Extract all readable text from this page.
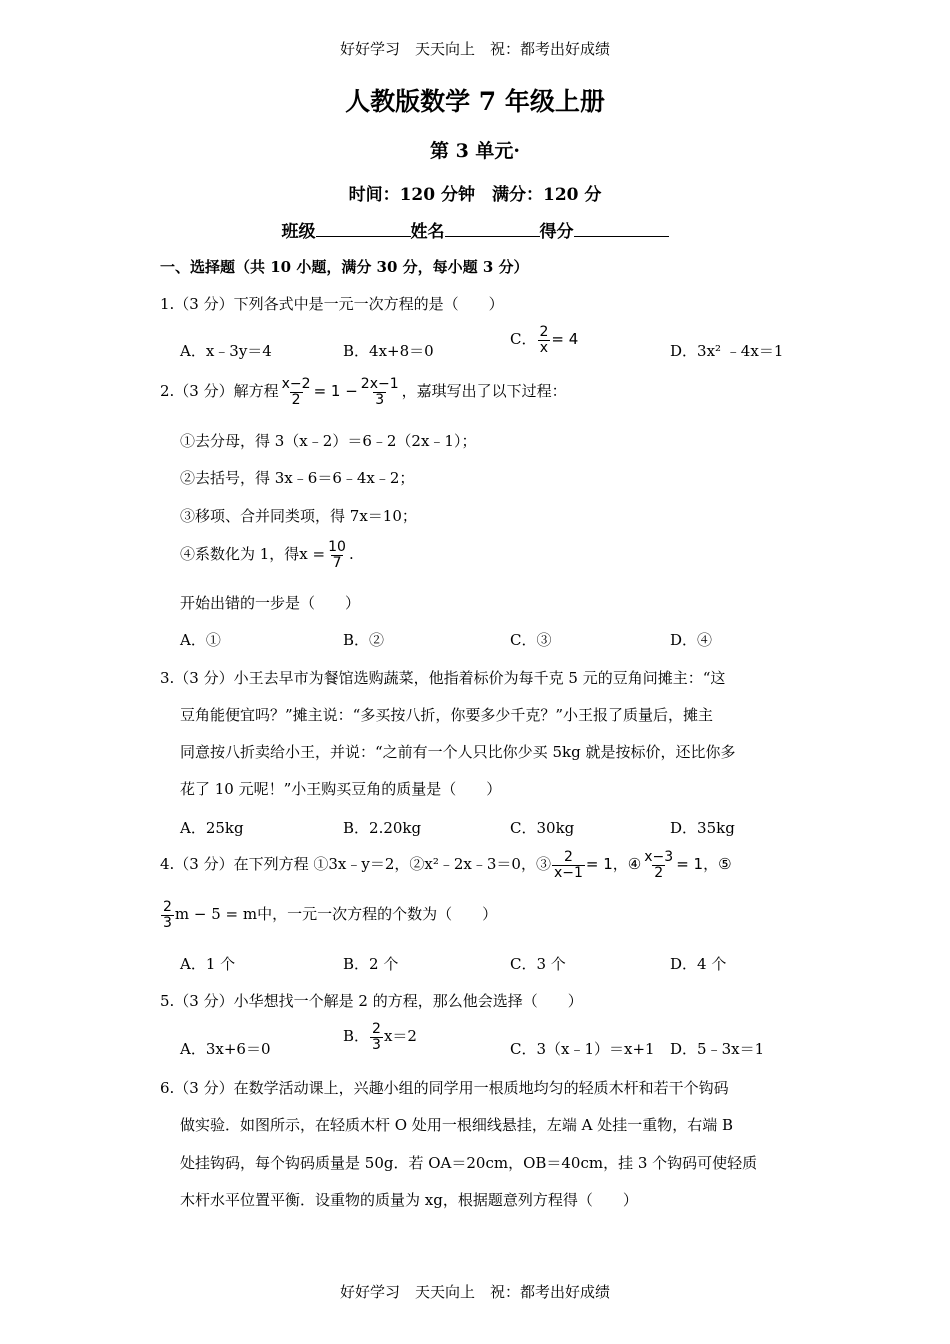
好好学习　天天向上　祝：都考出好成绩
人教版数学 7 年级上册
第 3 单元·
时间：120 分钟　满分：120 分
班级	姓名	得分
一、选择题（共 10 小题，满分 30 分，每小题 3 分）
1.（3 分）下列各式中是一元一次方程的是（　　）
A．x﹣3y＝4	B．4x+8＝0
C． $\frac{2}{x} = 4$
D．3x² ﹣4x＝1
2.（3 分）解方程 $\frac{x-2}{2} = 1 - \frac{2x-1}{3}$ ，嘉琪写出了以下过程：
①去分母，得 3（x﹣2）＝6﹣2（2x﹣1）；
②去括号，得 3x﹣6＝6﹣4x﹣2；
③移项、合并同类项，得 7x＝10；
④系数化为 1，得$x = \frac{10}{7}$ .
开始出错的一步是（　　）
A．①	B．②	C．③	D．④
3.（3 分）小王去早市为餐馆选购蔬菜，他指着标价为每千克 5 元的豆角问摊主：“这
豆角能便宜吗？”摊主说：“多买按八折，你要多少千克？”小王报了质量后，摊主
同意按八折卖给小王，并说：“之前有一个人只比你少买 5kg 就是按标价，还比你多
花了 10 元呢！”小王购买豆角的质量是（　　）
A．25kg	B．2.20kg	C．30kg	D．35kg
4.（3 分）在下列方程 ①3x﹣y＝2，②x²﹣2x﹣3＝0，③ $\frac{2}{x-1} = 1$，④ $\frac{x-3}{2} = 1$，⑤
$\frac{2}{3}$ m − 5 = m中，一元一次方程的个数为（　　）
A．1 个	B．2 个	C．3 个	D．4 个
5.（3 分）小华想找一个解是 2 的方程，那么他会选择（　　）
A．3x+6＝0
B． $\frac{2}{3} x=2$
C．3（x﹣1）＝x+1 D．5﹣3x＝1
6.（3 分）在数学活动课上，兴趣小组的同学用一根质地均匀的轻质木杆和若干个钩码
做实验．如图所示，在轻质木杆 O 处用一根细线悬挂，左端 A 处挂一重物，右端 B
处挂钩码，每个钩码质量是 50g．若 OA＝20cm，OB＝40cm，挂 3 个钩码可使轻质
木杆水平位置平衡．设重物的质量为 xg，根据题意列方程得（　　）
好好学习　天天向上　祝：都考出好成绩
